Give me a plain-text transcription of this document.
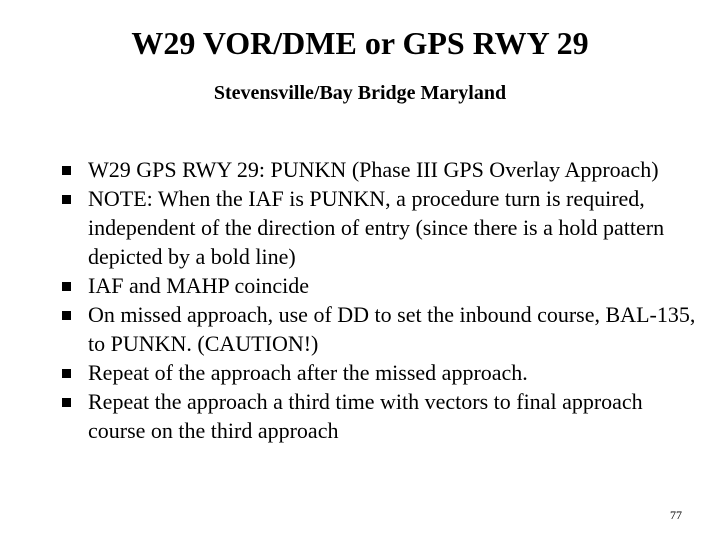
W29 VOR/DME or GPS RWY 29
Stevensville/Bay Bridge Maryland
W29 GPS RWY 29: PUNKN (Phase III GPS Overlay Approach)
NOTE: When the IAF is PUNKN, a procedure turn is required, independent of the direction of entry (since there is a hold pattern depicted by a bold line)
IAF and MAHP coincide
On missed approach, use of DD to set the inbound course, BAL-135, to PUNKN. (CAUTION!)
Repeat of the approach after the missed approach.
Repeat the approach a third time with vectors to final approach course on the third approach
77
